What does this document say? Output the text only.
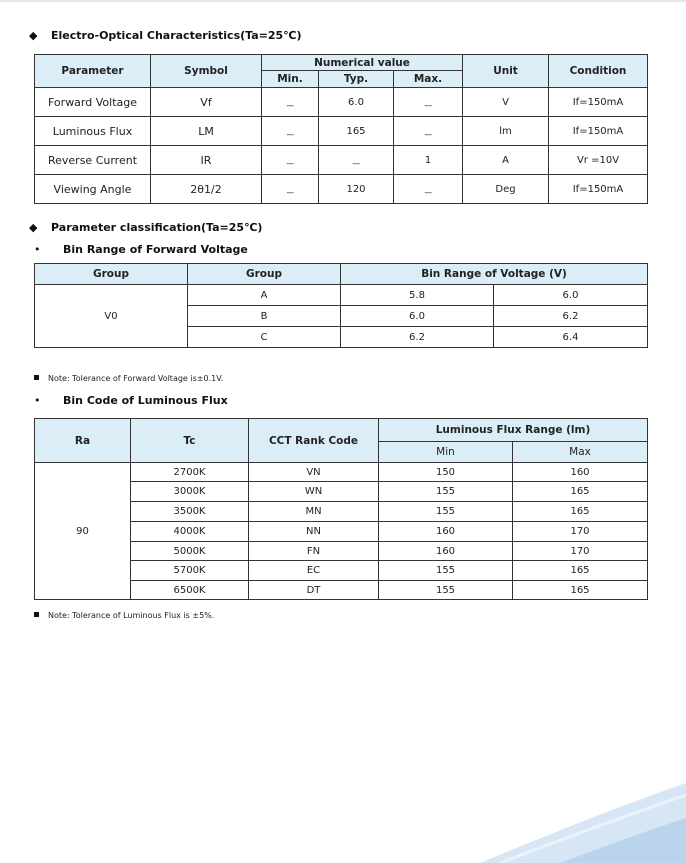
◆ Electro-Optical Characteristics(Ta=25℃)
Parameter	Symbol	Numerical value			Unit	Condition
		Min.	Typ.	Max.		
Forward Voltage	Vf	$_{---}$	6.0	$_{---}$	V	If=150mA
Luminous Flux	LM	$_{---}$	165	$_{---}$	lm	If=150mA
Reverse Current	IR	$_{---}$	$_{---}$	1	A	Vr =10V
Viewing Angle	2θ1/2	$_{---}$	120	$_{---}$	Deg	If=150mA
◆ Parameter classification(Ta=25℃)
• Bin Range of Forward Voltage
Group	Group	Bin Range of Voltage (V)	
V0	A	5.8	6.0
	B	6.0	6.2
	C	6.2	6.4
Note: Tolerance of Forward Voltage is±0.1V.
• Bin Code of Luminous Flux
Ra	Tc	CCT Rank Code	Luminous Flux Range (lm)	
			Min	Max
90	2700K	VN	150	160
	3000K	WN	155	165
	3500K	MN	155	165
	4000K	NN	160	170
	5000K	FN	160	170
	5700K	EC	155	165
	6500K	DT	155	165
Note: Tolerance of Luminous Flux is ±5%.
